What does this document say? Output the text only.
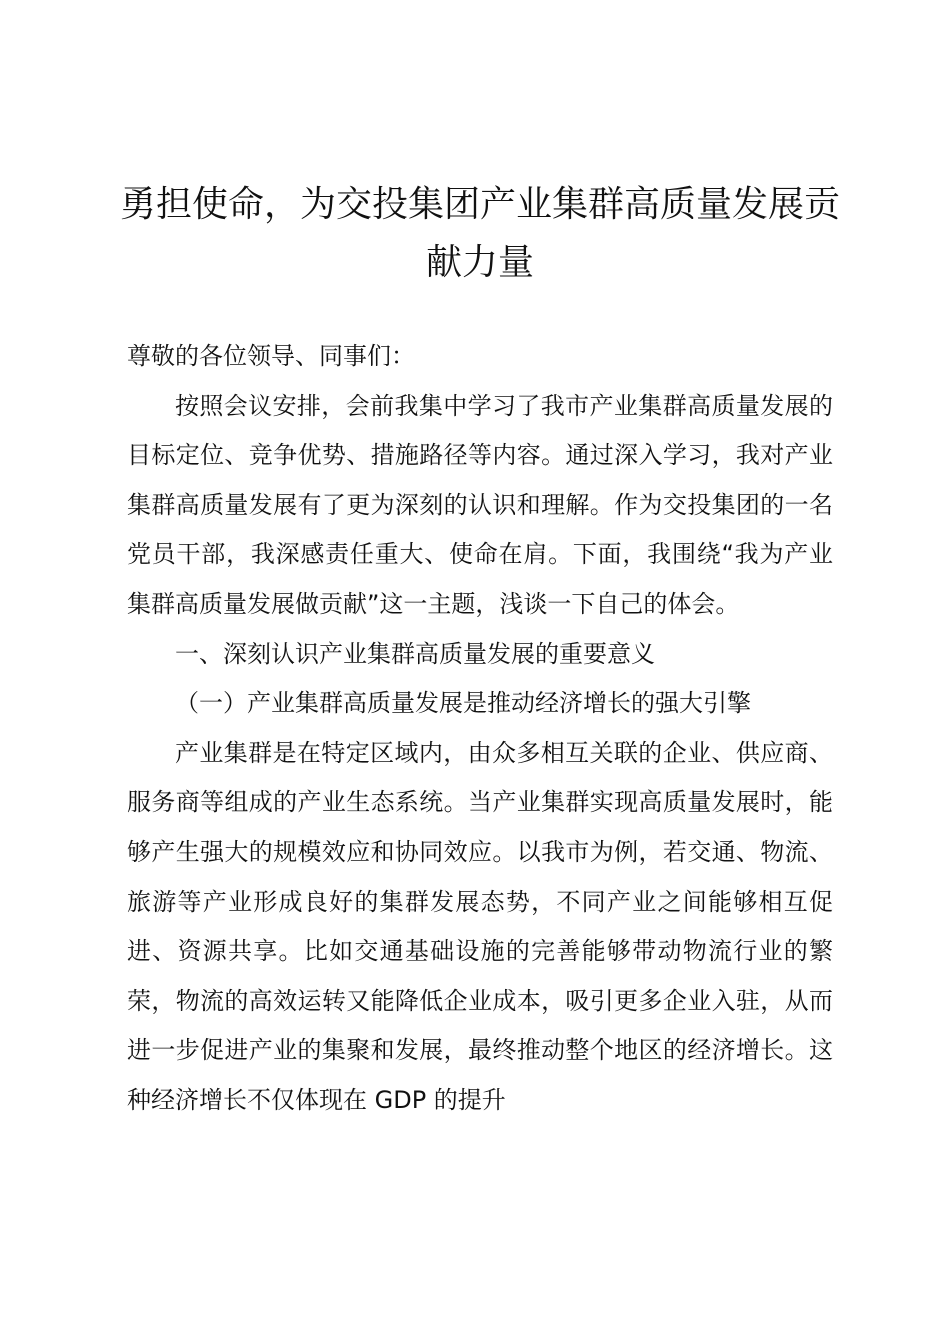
勇担使命，为交投集团产业集群高质量发展贡献力量

尊敬的各位领导、同事们：

按照会议安排，会前我集中学习了我市产业集群高质量发展的目标定位、竞争优势、措施路径等内容。通过深入学习，我对产业集群高质量发展有了更为深刻的认识和理解。作为交投集团的一名党员干部，我深感责任重大、使命在肩。下面，我围绕“我为产业集群高质量发展做贡献”这一主题，浅谈一下自己的体会。

一、深刻认识产业集群高质量发展的重要意义

（一）产业集群高质量发展是推动经济增长的强大引擎

产业集群是在特定区域内，由众多相互关联的企业、供应商、服务商等组成的产业生态系统。当产业集群实现高质量发展时，能够产生强大的规模效应和协同效应。以我市为例，若交通、物流、旅游等产业形成良好的集群发展态势，不同产业之间能够相互促进、资源共享。比如交通基础设施的完善能够带动物流行业的繁荣，物流的高效运转又能降低企业成本，吸引更多企业入驻，从而进一步促进产业的集聚和发展，最终推动整个地区的经济增长。这种经济增长不仅体现在 GDP 的提升
